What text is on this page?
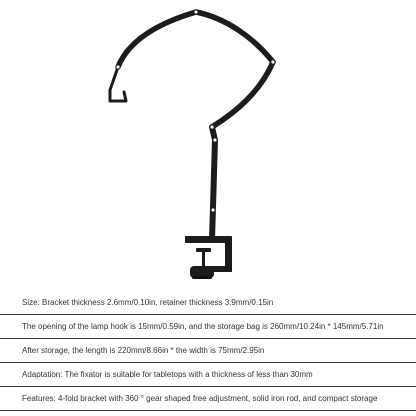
Size: Bracket thickness 2.6mm/0.10in, retainer thickness 3.9mm/0.15in
The opening of the lamp hook is 15mm/0.59in, and the storage bag is 260mm/10.24in * 145mm/5.71in
After storage, the length is 220mm/8.66in * the width is 75mm/2.95in
Adaptation: The fixator is suitable for tabletops with a thickness of less than 30mm
Features: 4-fold bracket with 360 ° gear shaped free adjustment, solid iron rod, and compact storage
